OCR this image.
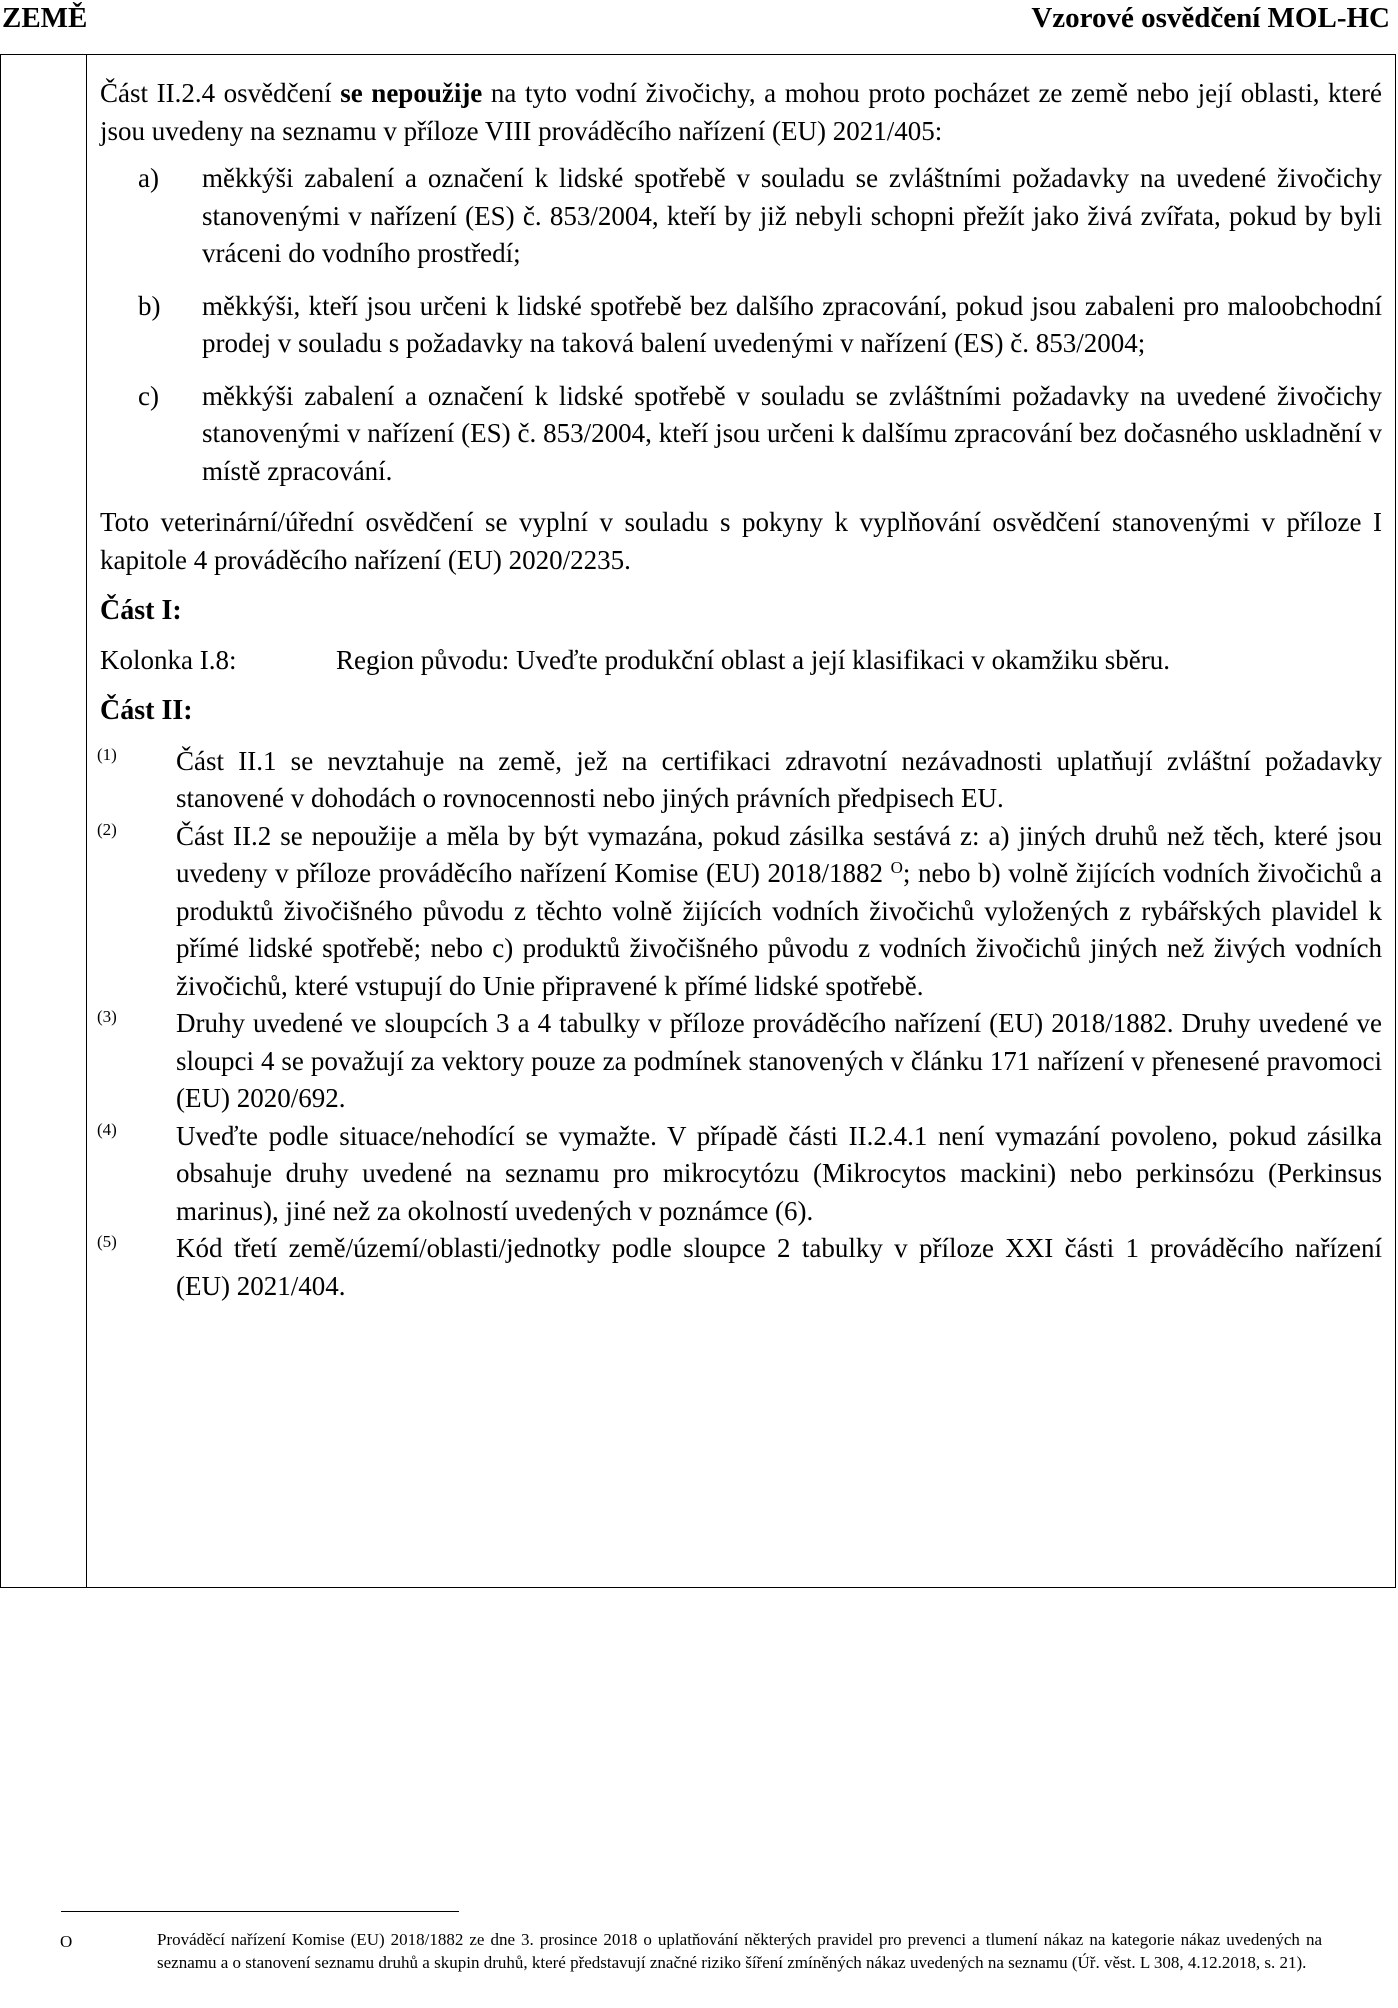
ZEMĚ	Vzorové osvědčení MOL-HC

Část II.2.4 osvědčení se nepoužije na tyto vodní živočichy, a mohou proto pocházet ze země nebo její oblasti, které jsou uvedeny na seznamu v příloze VIII prováděcího nařízení (EU) 2021/405:

a)	měkkýši zabalení a označení k lidské spotřebě v souladu se zvláštními požadavky na uvedené živočichy stanovenými v nařízení (ES) č. 853/2004, kteří by již nebyli schopni přežít jako živá zvířata, pokud by byli vráceni do vodního prostředí;
b)	měkkýši, kteří jsou určeni k lidské spotřebě bez dalšího zpracování, pokud jsou zabaleni pro maloobchodní prodej v souladu s požadavky na taková balení uvedenými v nařízení (ES) č. 853/2004;
c)	měkkýši zabalení a označení k lidské spotřebě v souladu se zvláštními požadavky na uvedené živočichy stanovenými v nařízení (ES) č. 853/2004, kteří jsou určeni k dalšímu zpracování bez dočasného uskladnění v místě zpracování.

Toto veterinární/úřední osvědčení se vyplní v souladu s pokyny k vyplňování osvědčení stanovenými v příloze I kapitole 4 prováděcího nařízení (EU) 2020/2235.

Část I:

Kolonka I.8:	Region původu: Uveďte produkční oblast a její klasifikaci v okamžiku sběru.

Část II:

(1)	Část II.1 se nevztahuje na země, jež na certifikaci zdravotní nezávadnosti uplatňují zvláštní požadavky stanovené v dohodách o rovnocennosti nebo jiných právních předpisech EU.
(2)	Část II.2 se nepoužije a měla by být vymazána, pokud zásilka sestává z: a) jiných druhů než těch, které jsou uvedeny v příloze prováděcího nařízení Komise (EU) 2018/1882 $^O$; nebo b) volně žijících vodních živočichů a produktů živočišného původu z těchto volně žijících vodních živočichů vyložených z rybářských plavidel k přímé lidské spotřebě; nebo c) produktů živočišného původu z vodních živočichů jiných než živých vodních živočichů, které vstupují do Unie připravené k přímé lidské spotřebě.
(3)	Druhy uvedené ve sloupcích 3 a 4 tabulky v příloze prováděcího nařízení (EU) 2018/1882. Druhy uvedené ve sloupci 4 se považují za vektory pouze za podmínek stanovených v článku 171 nařízení v přenesené pravomoci (EU) 2020/692.
(4)	Uveďte podle situace/nehodící se vymažte. V případě části II.2.4.1 není vymazání povoleno, pokud zásilka obsahuje druhy uvedené na seznamu pro mikrocytózu (Mikrocytos mackini) nebo perkinsózu (Perkinsus marinus), jiné než za okolností uvedených v poznámce (6).
(5)	Kód třetí země/území/oblasti/jednotky podle sloupce 2 tabulky v příloze XXI části 1 prováděcího nařízení (EU) 2021/404.
O	Prováděcí nařízení Komise (EU) 2018/1882 ze dne 3. prosince 2018 o uplatňování některých pravidel pro prevenci a tlumení nákaz na kategorie nákaz uvedených na seznamu a o stanovení seznamu druhů a skupin druhů, které představují značné riziko šíření zmíněných nákaz uvedených na seznamu (Úř. věst. L 308, 4.12.2018, s. 21).
